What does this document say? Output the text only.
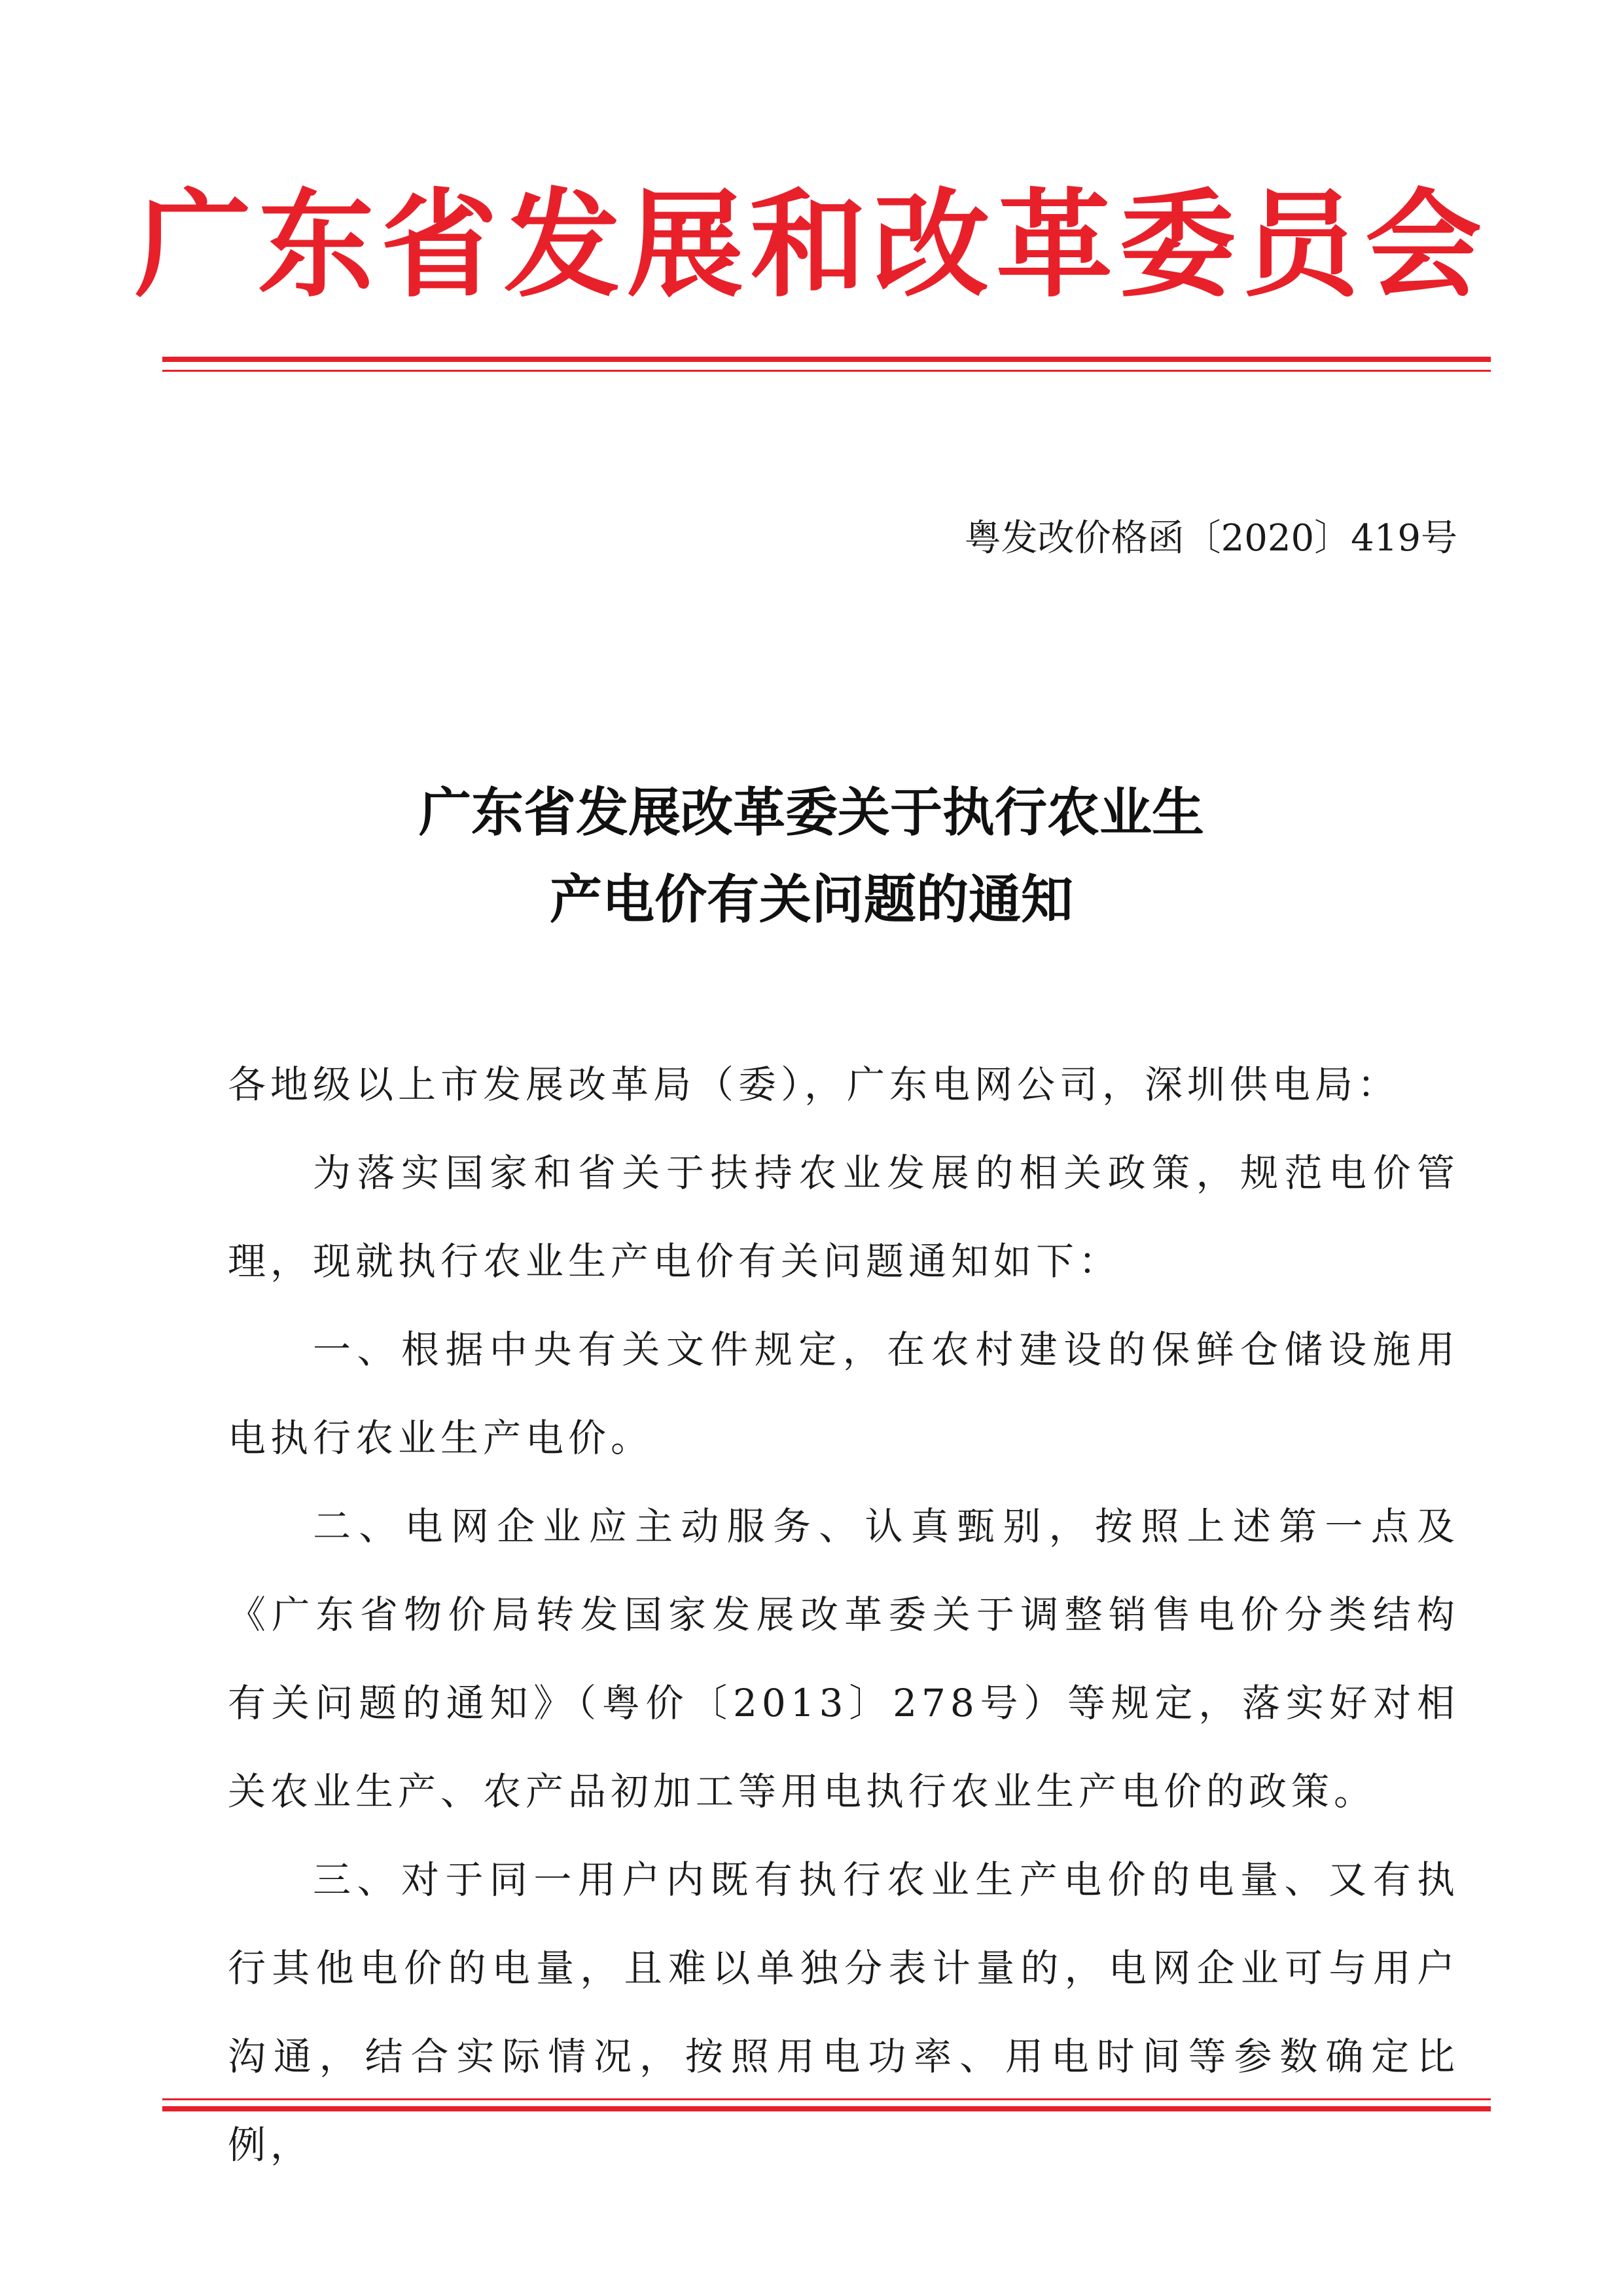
广东省发展和改革委员会
粤发改价格函〔2020〕419号
广东省发展改革委关于执行农业生
产电价有关问题的通知

各地级以上市发展改革局（委），广东电网公司，深圳供电局：

为落实国家和省关于扶持农业发展的相关政策，规范电价管理，现就执行农业生产电价有关问题通知如下：

一、根据中央有关文件规定，在农村建设的保鲜仓储设施用电执行农业生产电价。

二、电网企业应主动服务、认真甄别，按照上述第一点及《广东省物价局转发国家发展改革委关于调整销售电价分类结构有关问题的通知》（粤价〔2013〕278号）等规定，落实好对相关农业生产、农产品初加工等用电执行农业生产电价的政策。

三、对于同一用户内既有执行农业生产电价的电量、又有执行其他电价的电量，且难以单独分表计量的，电网企业可与用户沟通，结合实际情况，按照用电功率、用电时间等参数确定比例，
